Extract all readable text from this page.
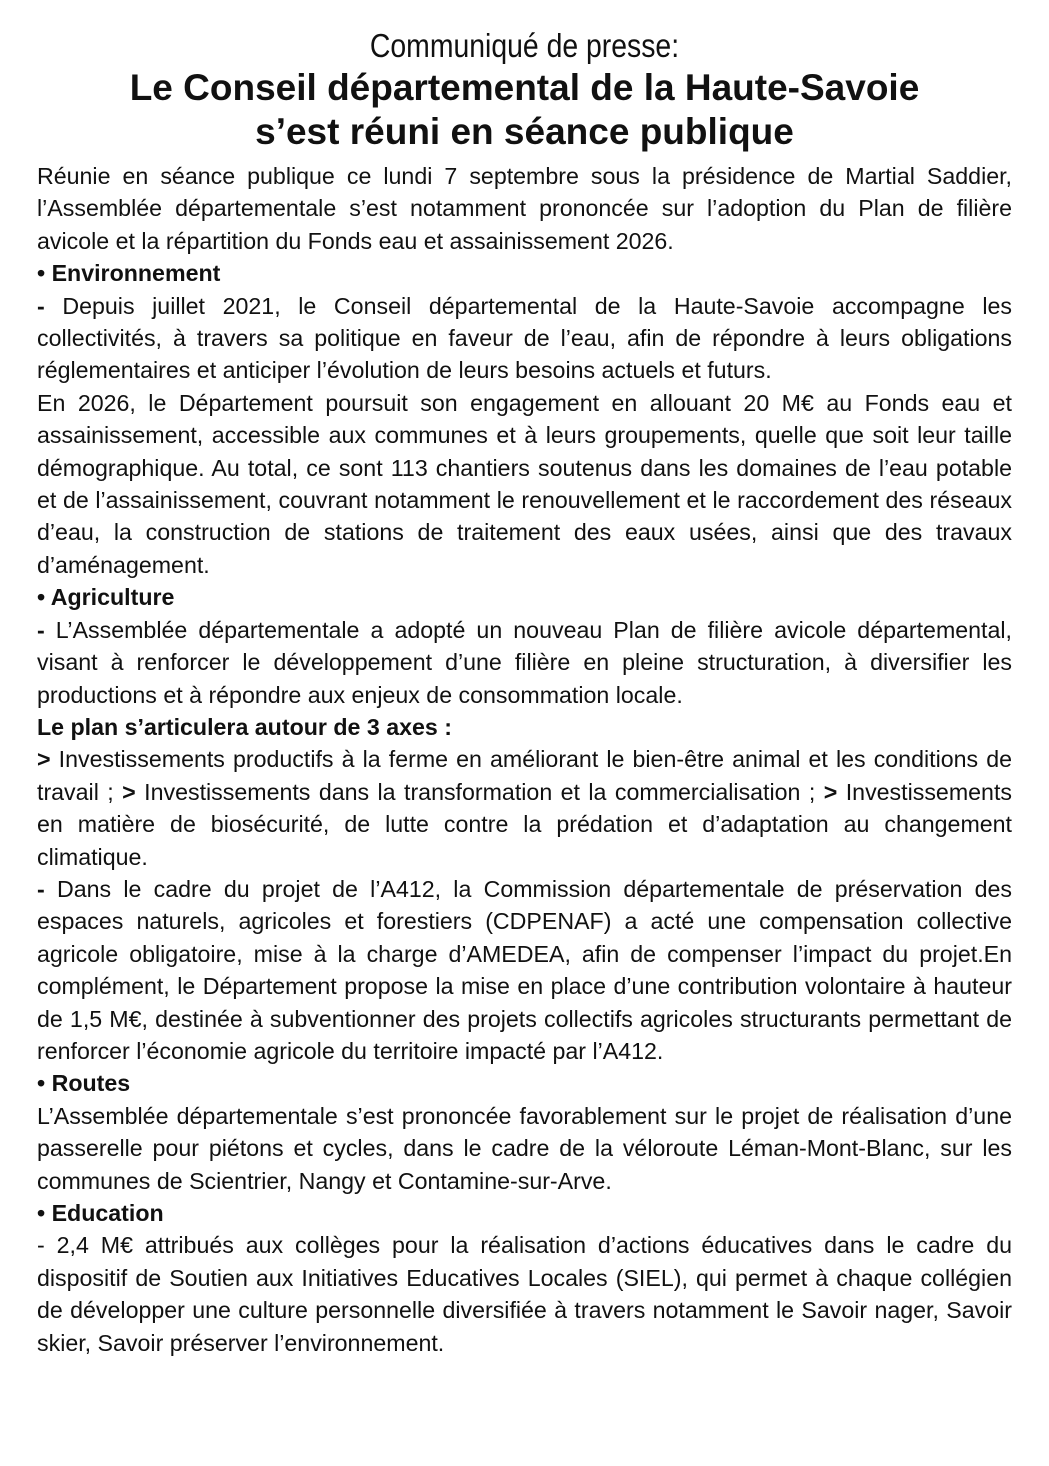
Communiqué de presse:
Le Conseil départemental de la Haute-Savoie
s’est réuni en séance publique

Réunie en séance publique ce lundi 7 septembre sous la présidence de Martial Saddier, l’Assemblée départementale s’est notamment prononcée sur l’adoption du Plan de filière avicole et la répartition du Fonds eau et assainissement 2026.

• Environnement

- Depuis juillet 2021, le Conseil départemental de la Haute-Savoie accompagne les collectivités, à travers sa politique en faveur de l’eau, afin de répondre à leurs obligations réglementaires et anticiper l’évolution de leurs besoins actuels et futurs.

En 2026, le Département poursuit son engagement en allouant 20 M€ au Fonds eau et assainissement, accessible aux communes et à leurs groupements, quelle que soit leur taille démographique. Au total, ce sont 113 chantiers soutenus dans les domaines de l’eau potable et de l’assainissement, couvrant notamment le renouvellement et le raccordement des réseaux d’eau, la construction de stations de traitement des eaux usées, ainsi que des travaux d’aménagement.

• Agriculture

- L’Assemblée départementale a adopté un nouveau Plan de filière avicole départemental, visant à renforcer le développement d’une filière en pleine structuration, à diversifier les productions et à répondre aux enjeux de consommation locale.

Le plan s’articulera autour de 3 axes :

> Investissements productifs à la ferme en améliorant le bien-être animal et les conditions de travail ; > Investissements dans la transformation et la commercialisation ; > Investissements en matière de biosécurité, de lutte contre la prédation et d’adaptation au changement climatique.

- Dans le cadre du projet de l’A412, la Commission départementale de préservation des espaces naturels, agricoles et forestiers (CDPENAF) a acté une compensation collective agricole obligatoire, mise à la charge d’AMEDEA, afin de compenser l’impact du projet.En complément, le Département propose la mise en place d’une contribution volontaire à hauteur de 1,5 M€, destinée à subventionner des projets collectifs agricoles structurants permettant de renforcer l’économie agricole du territoire impacté par l’A412.

• Routes

L’Assemblée départementale s’est prononcée favorablement sur le projet de réalisation d’une passerelle pour piétons et cycles, dans le cadre de la véloroute Léman-Mont-Blanc, sur les communes de Scientrier, Nangy et Contamine-sur-Arve.

• Education

- 2,4 M€ attribués aux collèges pour la réalisation d’actions éducatives dans le cadre du dispositif de Soutien aux Initiatives Educatives Locales (SIEL), qui permet à chaque collégien de développer une culture personnelle diversifiée à travers notamment le Savoir nager, Savoir skier, Savoir préserver l’environnement.
